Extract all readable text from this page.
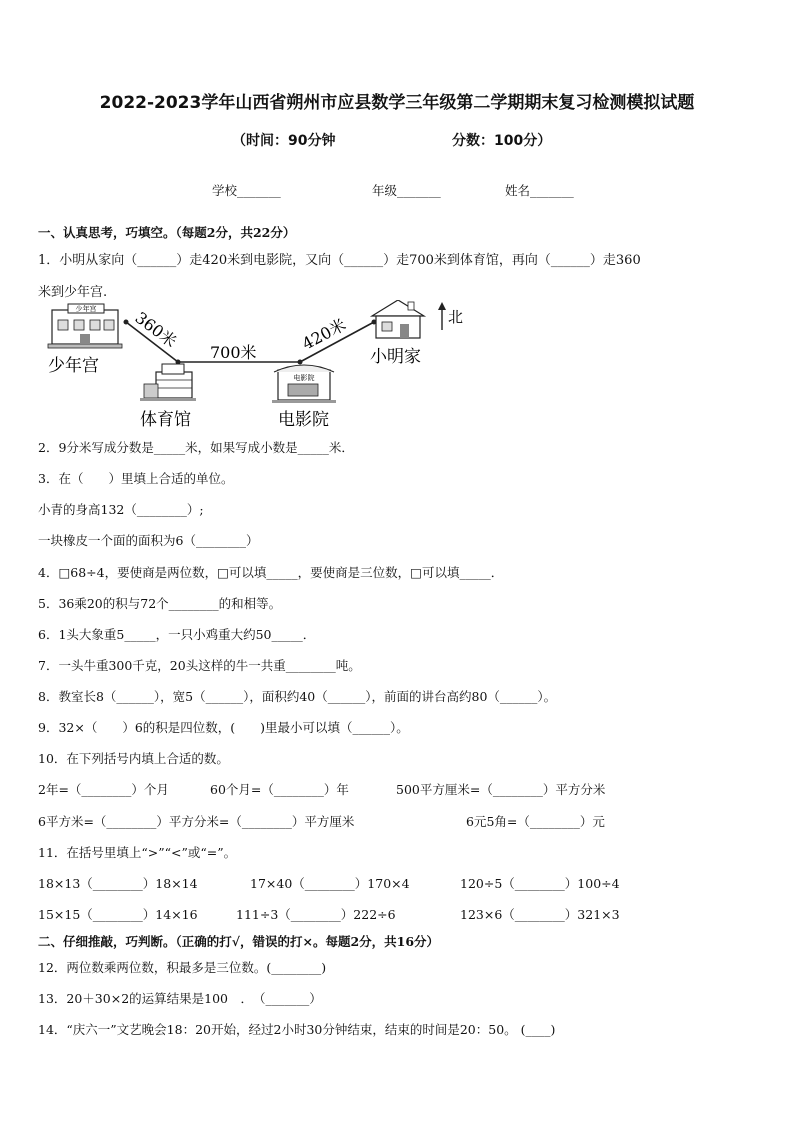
2022-2023学年山西省朔州市应县数学三年级第二学期期末复习检测模拟试题
（时间：90分钟	分数：100分）
学校_______	年级_______	姓名_______
一、认真思考，巧填空。（每题2分，共22分）
1．小明从家向（______）走420米到电影院，又向（______）走700米到体育馆，再向（______）走360
米到少年宫.
少年宫
少年宫
体育馆
电影院
电影院
小明家
360米
700米	420米	北
2．9分米写成分数是_____米，如果写成小数是_____米．
3．在（　　）里填上合适的单位。
小青的身高132（________）;
一块橡皮一个面的面积为6（________）
4．□68÷4，要使商是两位数，□可以填_____，要使商是三位数，□可以填_____．
5．36乘20的积与72个________的和相等。
6．1头大象重5_____，一只小鸡重大约50_____．
7．一头牛重300千克，20头这样的牛一共重________吨。
8．教室长8（______），宽5（______），面积约40（______），前面的讲台高约80（______）。
9．32×（　　）6的积是四位数，(　　)里最小可以填（______）。
10．在下列括号内填上合适的数。
2年=（________）个月	60个月=（________）年	500平方厘米=（________）平方分米
6平方米=（________）平方分米=（________）平方厘米	6元5角=（________）元
11．在括号里填上“>”“<”或“=”。
18×13（________）18×14	17×40（________）170×4	120÷5（________）100÷4
15×15（________）14×16	111÷3（________）222÷6	123×6（________）321×3
二、仔细推敲，巧判断。（正确的打√，错误的打×。每题2分，共16分）
12．两位数乘两位数，积最多是三位数。(________)
13．20＋30×2的运算结果是100　．　（_______）
14．“庆六一”文艺晚会18：20开始，经过2小时30分钟结束，结束的时间是20：50。 (____)
